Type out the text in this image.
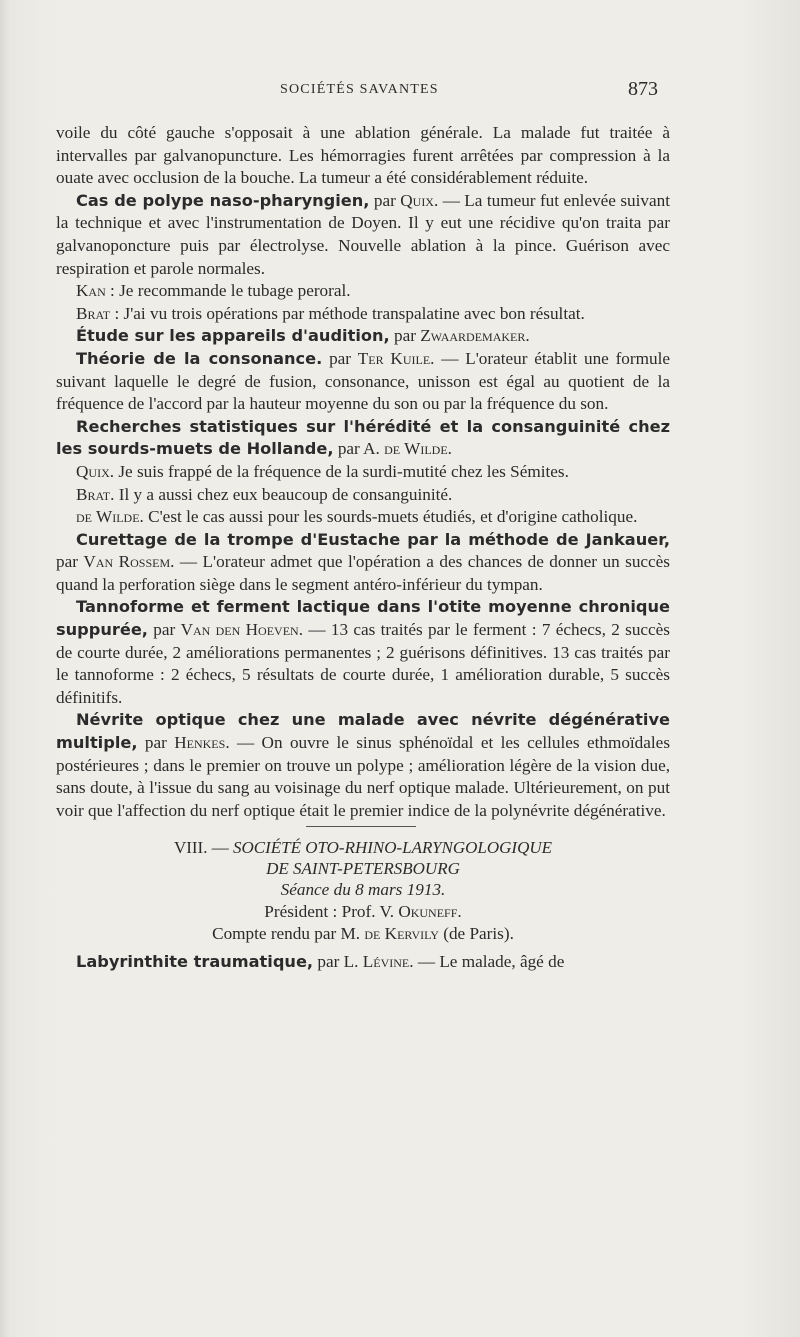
SOCIÉTÉS SAVANTES	873

voile du côté gauche s'opposait à une ablation générale. La malade fut traitée à intervalles par galvanopuncture. Les hémorragies furent arrêtées par compression à la ouate avec occlusion de la bouche. La tumeur a été considérablement réduite.

Cas de polype naso-pharyngien, par Quix. — La tumeur fut enlevée suivant la technique et avec l'instrumentation de Doyen. Il y eut une récidive qu'on traita par galvanoponcture puis par électrolyse. Nouvelle ablation à la pince. Guérison avec respiration et parole normales.

Kan : Je recommande le tubage peroral.

Brat : J'ai vu trois opérations par méthode transpalatine avec bon résultat.

Étude sur les appareils d'audition, par Zwaardemaker.

Théorie de la consonance. par Ter Kuile. — L'orateur établit une formule suivant laquelle le degré de fusion, consonance, unisson est égal au quotient de la fréquence de l'accord par la hauteur moyenne du son ou par la fréquence du son.

Recherches statistiques sur l'hérédité et la consanguinité chez les sourds-muets de Hollande, par A. de Wilde.

Quix. Je suis frappé de la fréquence de la surdi-mutité chez les Sémites.

Brat. Il y a aussi chez eux beaucoup de consanguinité.

de Wilde. C'est le cas aussi pour les sourds-muets étudiés, et d'origine catholique.

Curettage de la trompe d'Eustache par la méthode de Jankauer, par Van Rossem. — L'orateur admet que l'opération a des chances de donner un succès quand la perforation siège dans le segment antéro-inférieur du tympan.

Tannoforme et ferment lactique dans l'otite moyenne chronique suppurée, par Van den Hoeven. — 13 cas traités par le ferment : 7 échecs, 2 succès de courte durée, 2 améliorations permanentes ; 2 guérisons définitives. 13 cas traités par le tannoforme : 2 échecs, 5 résultats de courte durée, 1 amélioration durable, 5 succès définitifs.

Névrite optique chez une malade avec névrite dégénérative multiple, par Henkes. — On ouvre le sinus sphénoïdal et les cellules ethmoïdales postérieures ; dans le premier on trouve un polype ; amélioration légère de la vision due, sans doute, à l'issue du sang au voisinage du nerf optique malade. Ultérieurement, on put voir que l'affection du nerf optique était le premier indice de la polynévrite dégénérative.

VIII. — SOCIÉTÉ OTO-RHINO-LARYNGOLOGIQUE
DE SAINT-PETERSBOURG
Séance du 8 mars 1913.
Président : Prof. V. Okuneff.
Compte rendu par M. de Kervily (de Paris).

Labyrinthite traumatique, par L. Lévine. — Le malade, âgé de
